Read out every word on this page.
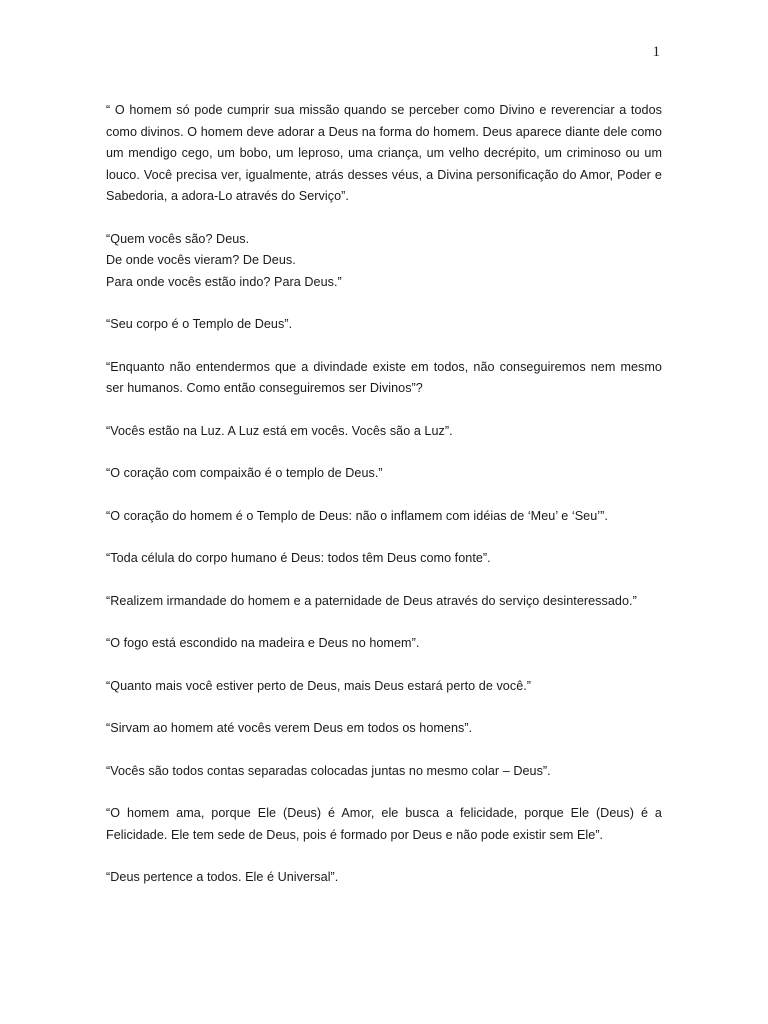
1

“ O homem só pode cumprir sua missão quando se perceber como Divino e reverenciar a todos como divinos. O homem deve adorar a Deus na forma do homem. Deus aparece diante dele como um mendigo cego, um bobo, um leproso, uma criança, um velho decrépito, um criminoso ou um louco. Você precisa ver, igualmente, atrás desses véus, a Divina personificação do Amor, Poder e Sabedoria, a adora-Lo através do Serviço”.

“Quem vocês são? Deus.
De onde vocês vieram? De Deus.
Para onde vocês estão indo? Para Deus.”

“Seu corpo é o Templo de Deus”.

“Enquanto não entendermos que a divindade existe em todos, não conseguiremos nem mesmo ser humanos. Como então conseguiremos ser Divinos”?

“Vocês estão na Luz. A Luz está em vocês. Vocês são a Luz”.

“O coração com compaixão é o templo de Deus.”

“O coração do homem é o Templo de Deus: não o inflamem com idéias de ‘Meu’ e ‘Seu’”.

“Toda célula do corpo humano é Deus: todos têm Deus como fonte”.

“Realizem irmandade do homem e a paternidade de Deus através do serviço desinteressado.”

“O fogo está escondido na madeira e Deus no homem”.

“Quanto mais você estiver perto de Deus, mais Deus estará perto de você.”

“Sirvam ao homem até vocês verem Deus em todos os homens”.

“Vocês são todos contas separadas colocadas juntas no mesmo colar – Deus”.

“O homem ama, porque Ele (Deus) é Amor, ele busca a felicidade, porque Ele (Deus) é a Felicidade. Ele tem sede de Deus, pois é formado por Deus e não pode existir sem Ele”.

“Deus pertence a todos. Ele é Universal”.
